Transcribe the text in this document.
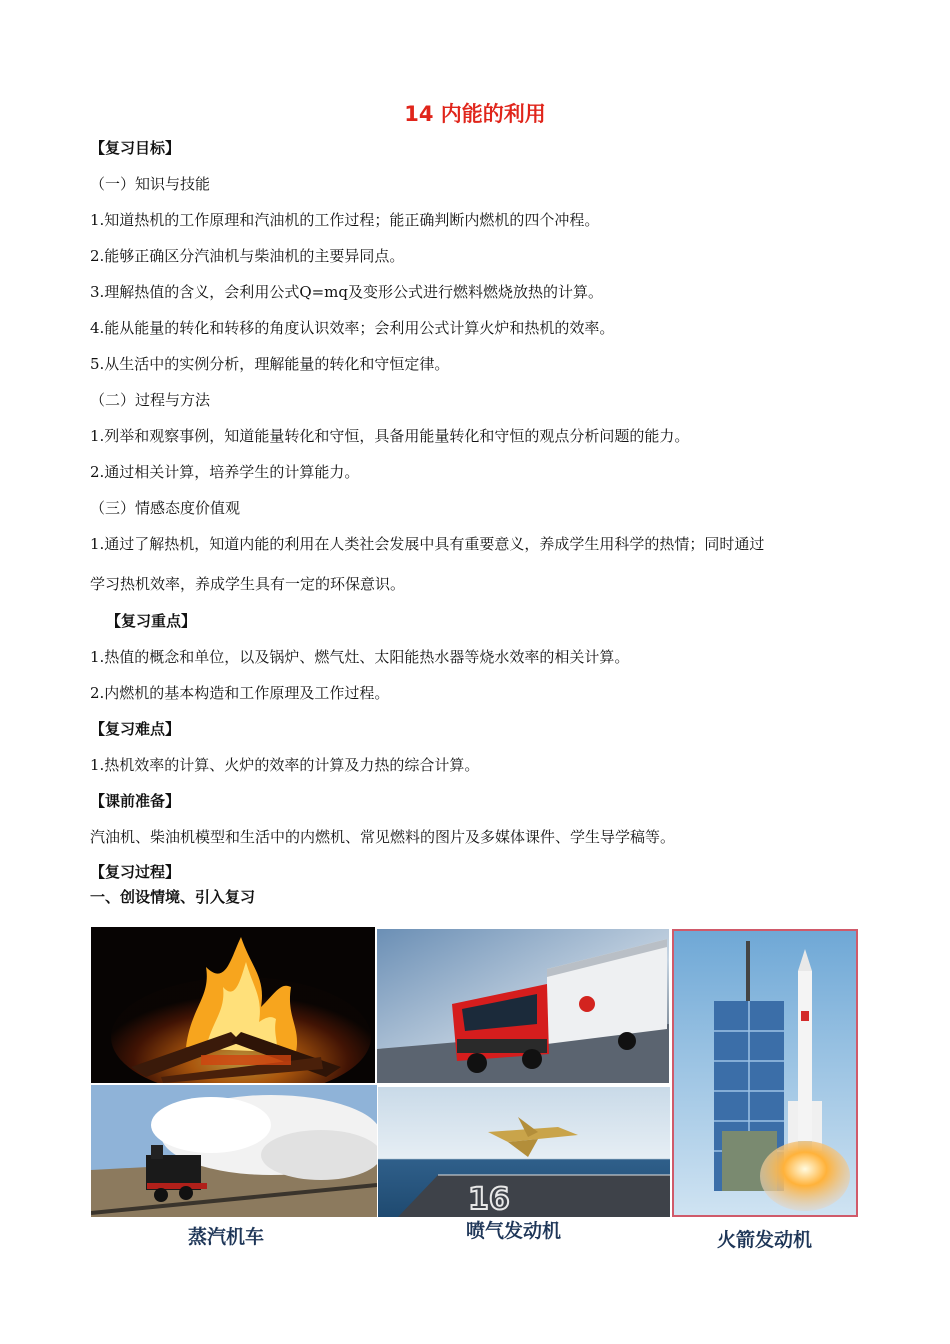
14 内能的利用
【复习目标】
（一）知识与技能
1.知道热机的工作原理和汽油机的工作过程；能正确判断内燃机的四个冲程。
2.能够正确区分汽油机与柴油机的主要异同点。
3.理解热值的含义，会利用公式Q=mq及变形公式进行燃料燃烧放热的计算。
4.能从能量的转化和转移的角度认识效率；会利用公式计算火炉和热机的效率。
5.从生活中的实例分析，理解能量的转化和守恒定律。
（二）过程与方法
1.列举和观察事例，知道能量转化和守恒，具备用能量转化和守恒的观点分析问题的能力。
2.通过相关计算，培养学生的计算能力。
（三）情感态度价值观
1.通过了解热机，知道内能的利用在人类社会发展中具有重要意义，养成学生用科学的热情；同时通过
学习热机效率，养成学生具有一定的环保意识。
【复习重点】
1.热值的概念和单位，以及锅炉、燃气灶、太阳能热水器等烧水效率的相关计算。
2.内燃机的基本构造和工作原理及工作过程。
【复习难点】
1.热机效率的计算、火炉的效率的计算及力热的综合计算。
【课前准备】
汽油机、柴油机模型和生活中的内燃机、常见燃料的图片及多媒体课件、学生导学稿等。
【复习过程】
一、创设情境、引入复习
16
蒸汽机车	喷气发动机	火箭发动机
